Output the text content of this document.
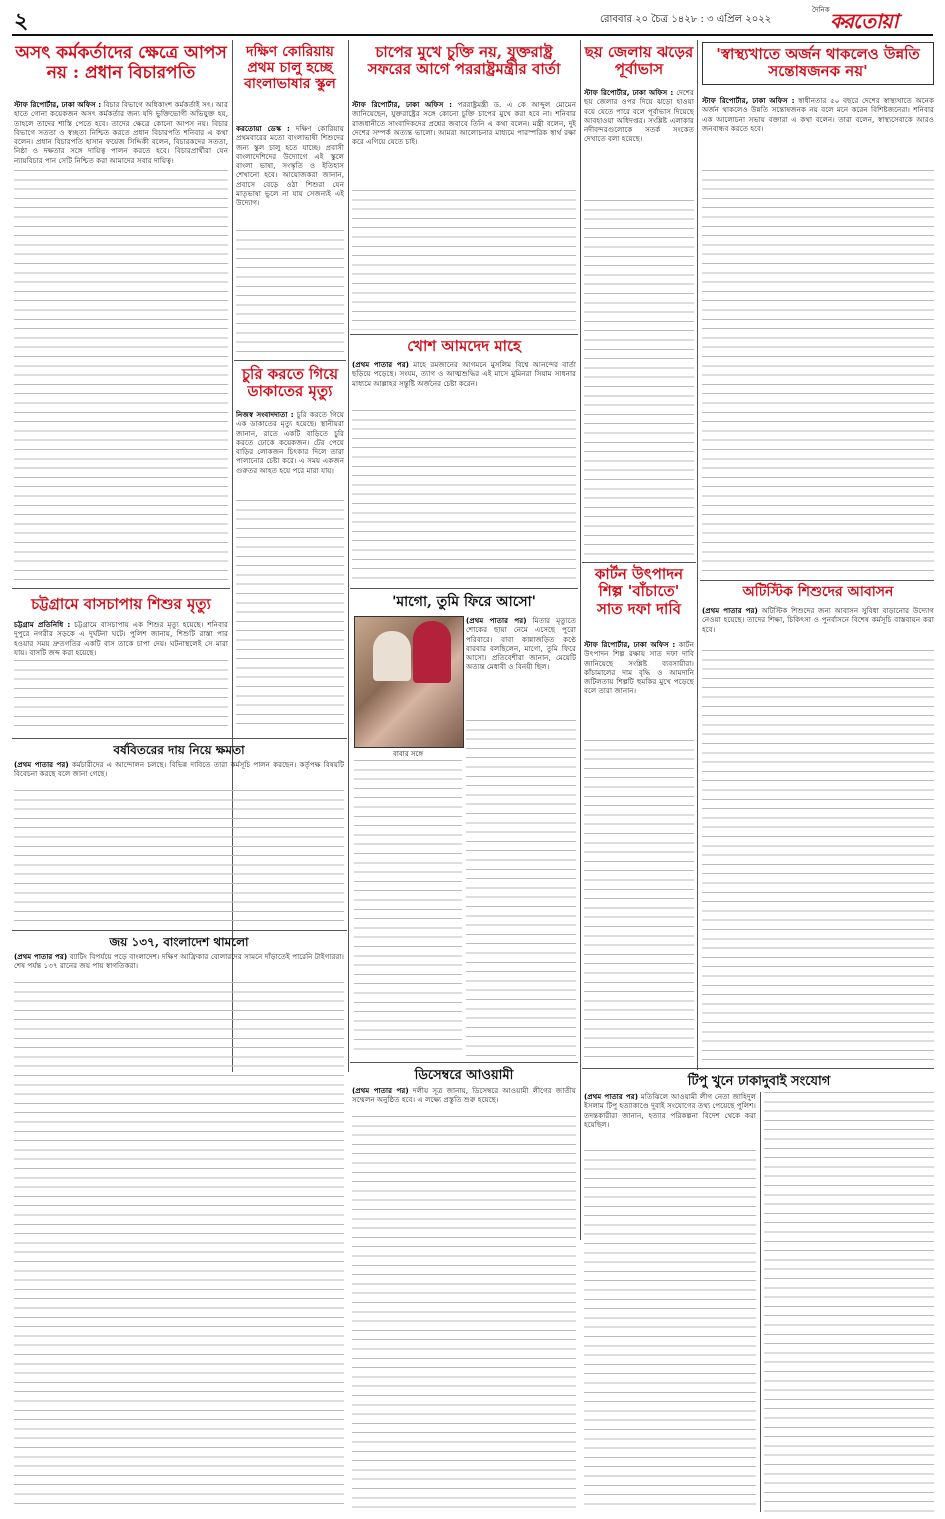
২	রোববার ২০ চৈত্র ১৪২৮ : ৩ এপ্রিল ২০২২
দৈনিক করতোয়া
অসৎ কর্মকর্তাদের ক্ষেত্রে আপস নয় : প্রধান বিচারপতি
স্টাফ রিপোর্টার, ঢাকা অফিস : বিচার বিভাগে অধিকাংশ কর্মকর্তাই সৎ। আর হাতে গোনা কয়েকজন অসৎ কর্মকর্তার জন্য যদি ভুক্তিভোগী অভিযুক্ত হয়, তাহলে তাদের শাস্তি পেতে হবে। তাদের ক্ষেত্রে কোনো আপস নয়। বিচার বিভাগে সততা ও স্বচ্ছতা নিশ্চিত করতে প্রধান বিচারপতি শনিবার এ কথা বলেন। প্রধান বিচারপতি হাসান ফয়েজ সিদ্দিকী বলেন, বিচারকদের সততা, নিষ্ঠা ও দক্ষতার সঙ্গে দায়িত্ব পালন করতে হবে। বিচারপ্রার্থীরা যেন ন্যায়বিচার পান সেটি নিশ্চিত করা আমাদের সবার দায়িত্ব।
চট্টগ্রামে বাসচাপায় শিশুর মৃত্যু
চট্টগ্রাম প্রতিনিধি : চট্টগ্রামে বাসচাপায় এক শিশুর মৃত্যু হয়েছে। শনিবার দুপুরে নগরীর সড়কে এ দুর্ঘটনা ঘটে। পুলিশ জানায়, শিশুটি রাস্তা পার হওয়ার সময় দ্রুতগতির একটি বাস তাকে চাপা দেয়। ঘটনাস্থলেই সে মারা যায়। বাসটি জব্দ করা হয়েছে।
দক্ষিণ কোরিয়ায় প্রথম চালু হচ্ছে বাংলাভাষার স্কুল
করতোয়া ডেস্ক : দক্ষিণ কোরিয়ায় প্রথমবারের মতো বাংলাভাষী শিশুদের জন্য স্কুল চালু হতে যাচ্ছে। প্রবাসী বাংলাদেশিদের উদ্যোগে এই স্কুলে বাংলা ভাষা, সংস্কৃতি ও ইতিহাস শেখানো হবে। আয়োজকরা জানান, প্রবাসে বেড়ে ওঠা শিশুরা যেন মাতৃভাষা ভুলে না যায় সেজন্যই এই উদ্যোগ।
চুরি করতে গিয়ে ডাকাতের মৃত্যু
নিজস্ব সংবাদদাতা : চুরি করতে গিয়ে এক ডাকাতের মৃত্যু হয়েছে। স্থানীয়রা জানান, রাতে একটি বাড়িতে চুরি করতে ঢোকে কয়েকজন। টের পেয়ে বাড়ির লোকজন চিৎকার দিলে তারা পালানোর চেষ্টা করে। এ সময় একজন গুরুতর আহত হয়ে পরে মারা যায়।
বর্ষবিতরের দায় নিয়ে ক্ষমতা
(প্রথম পাতার পর) কর্মচারীদের এ আন্দোলন চলছে। বিভিন্ন দাবিতে তারা কর্মসূচি পালন করছেন। কর্তৃপক্ষ বিষয়টি বিবেচনা করছে বলে জানা গেছে।
জয় ১৩৭, বাংলাদেশ থামলো
(প্রথম পাতার পর) ব্যাটিং বিপর্যয়ে পড়ে বাংলাদেশ। দক্ষিণ আফ্রিকার বোলারদের সামনে দাঁড়াতেই পারেনি টাইগাররা। শেষ পর্যন্ত ১৩৭ রানের জয় পায় স্বাগতিকরা।
চাপের মুখে চুক্তি নয়, যুক্তরাষ্ট্র সফরের আগে পররাষ্ট্রমন্ত্রীর বার্তা
স্টাফ রিপোর্টার, ঢাকা অফিস : পররাষ্ট্রমন্ত্রী ড. এ কে আব্দুল মোমেন জানিয়েছেন, যুক্তরাষ্ট্রের সঙ্গে কোনো চুক্তি চাপের মুখে করা হবে না। শনিবার রাজধানীতে সাংবাদিকদের প্রশ্নের জবাবে তিনি এ কথা বলেন। মন্ত্রী বলেন, দুই দেশের সম্পর্ক অত্যন্ত ভালো। আমরা আলোচনার মাধ্যমে পারস্পরিক স্বার্থ রক্ষা করে এগিয়ে যেতে চাই।
খোশ আমদেদ মাহে
(প্রথম পাতার পর) মাহে রমজানের আগমনে মুসলিম বিশ্বে আনন্দের বার্তা ছড়িয়ে পড়েছে। সংযম, ত্যাগ ও আত্মশুদ্ধির এই মাসে মুমিনরা সিয়াম সাধনার মাধ্যমে আল্লাহর সন্তুষ্টি অর্জনের চেষ্টা করেন।
'মাগো, তুমি ফিরে আসো'
বাবার সঙ্গে
(প্রথম পাতার পর) মিতার মৃত্যুতে শোকের ছায়া নেমে এসেছে পুরো পরিবারে। বাবা কান্নাজড়িত কণ্ঠে বারবার বলছিলেন, মাগো, তুমি ফিরে আসো। প্রতিবেশীরা জানান, মেয়েটি অত্যন্ত মেধাবী ও বিনয়ী ছিল।
ডিসেম্বরে আওয়ামী
(প্রথম পাতার পর) দলীয় সূত্র জানায়, ডিসেম্বরে আওয়ামী লীগের জাতীয় সম্মেলন অনুষ্ঠিত হবে। এ লক্ষ্যে প্রস্তুতি শুরু হয়েছে।
ছয় জেলায় ঝড়ের পূর্বাভাস
স্টাফ রিপোর্টার, ঢাকা অফিস : দেশের ছয় জেলার ওপর দিয়ে ঝড়ো হাওয়া বয়ে যেতে পারে বলে পূর্বাভাস দিয়েছে আবহাওয়া অধিদপ্তর। সংশ্লিষ্ট এলাকার নদীবন্দরগুলোকে সতর্ক সংকেত দেখাতে বলা হয়েছে।
কার্টন উৎপাদন শিল্প 'বাঁচাতে' সাত দফা দাবি
স্টাফ রিপোর্টার, ঢাকা অফিস : কার্টন উৎপাদন শিল্প রক্ষায় সাত দফা দাবি জানিয়েছে সংশ্লিষ্ট ব্যবসায়ীরা। কাঁচামালের দাম বৃদ্ধি ও আমদানি জটিলতায় শিল্পটি হুমকির মুখে পড়েছে বলে তারা জানান।
'স্বাস্থ্যখাতে অর্জন থাকলেও উন্নতি সন্তোষজনক নয়'
স্টাফ রিপোর্টার, ঢাকা অফিস : স্বাধীনতার ৫০ বছরে দেশের স্বাস্থ্যখাতে অনেক অর্জন থাকলেও উন্নতি সন্তোষজনক নয় বলে মনে করেন বিশিষ্টজনেরা। শনিবার এক আলোচনা সভায় বক্তারা এ কথা বলেন। তারা বলেন, স্বাস্থ্যসেবাকে আরও জনবান্ধব করতে হবে।
অটিস্টিক শিশুদের আবাসন
(প্রথম পাতার পর) অটিস্টিক শিশুদের জন্য আবাসন সুবিধা বাড়ানোর উদ্যোগ নেওয়া হয়েছে। তাদের শিক্ষা, চিকিৎসা ও পুনর্বাসনে বিশেষ কর্মসূচি বাস্তবায়ন করা হবে।
টিপু খুনে ঢাকাদুবাই সংযোগ
(প্রথম পাতার পর) মতিঝিলে আওয়ামী লীগ নেতা জাহিদুল ইসলাম টিপু হত্যাকাণ্ডে দুবাই সংযোগের তথ্য পেয়েছে পুলিশ। তদন্তকারীরা জানান, হত্যার পরিকল্পনা বিদেশ থেকে করা হয়েছিল।
